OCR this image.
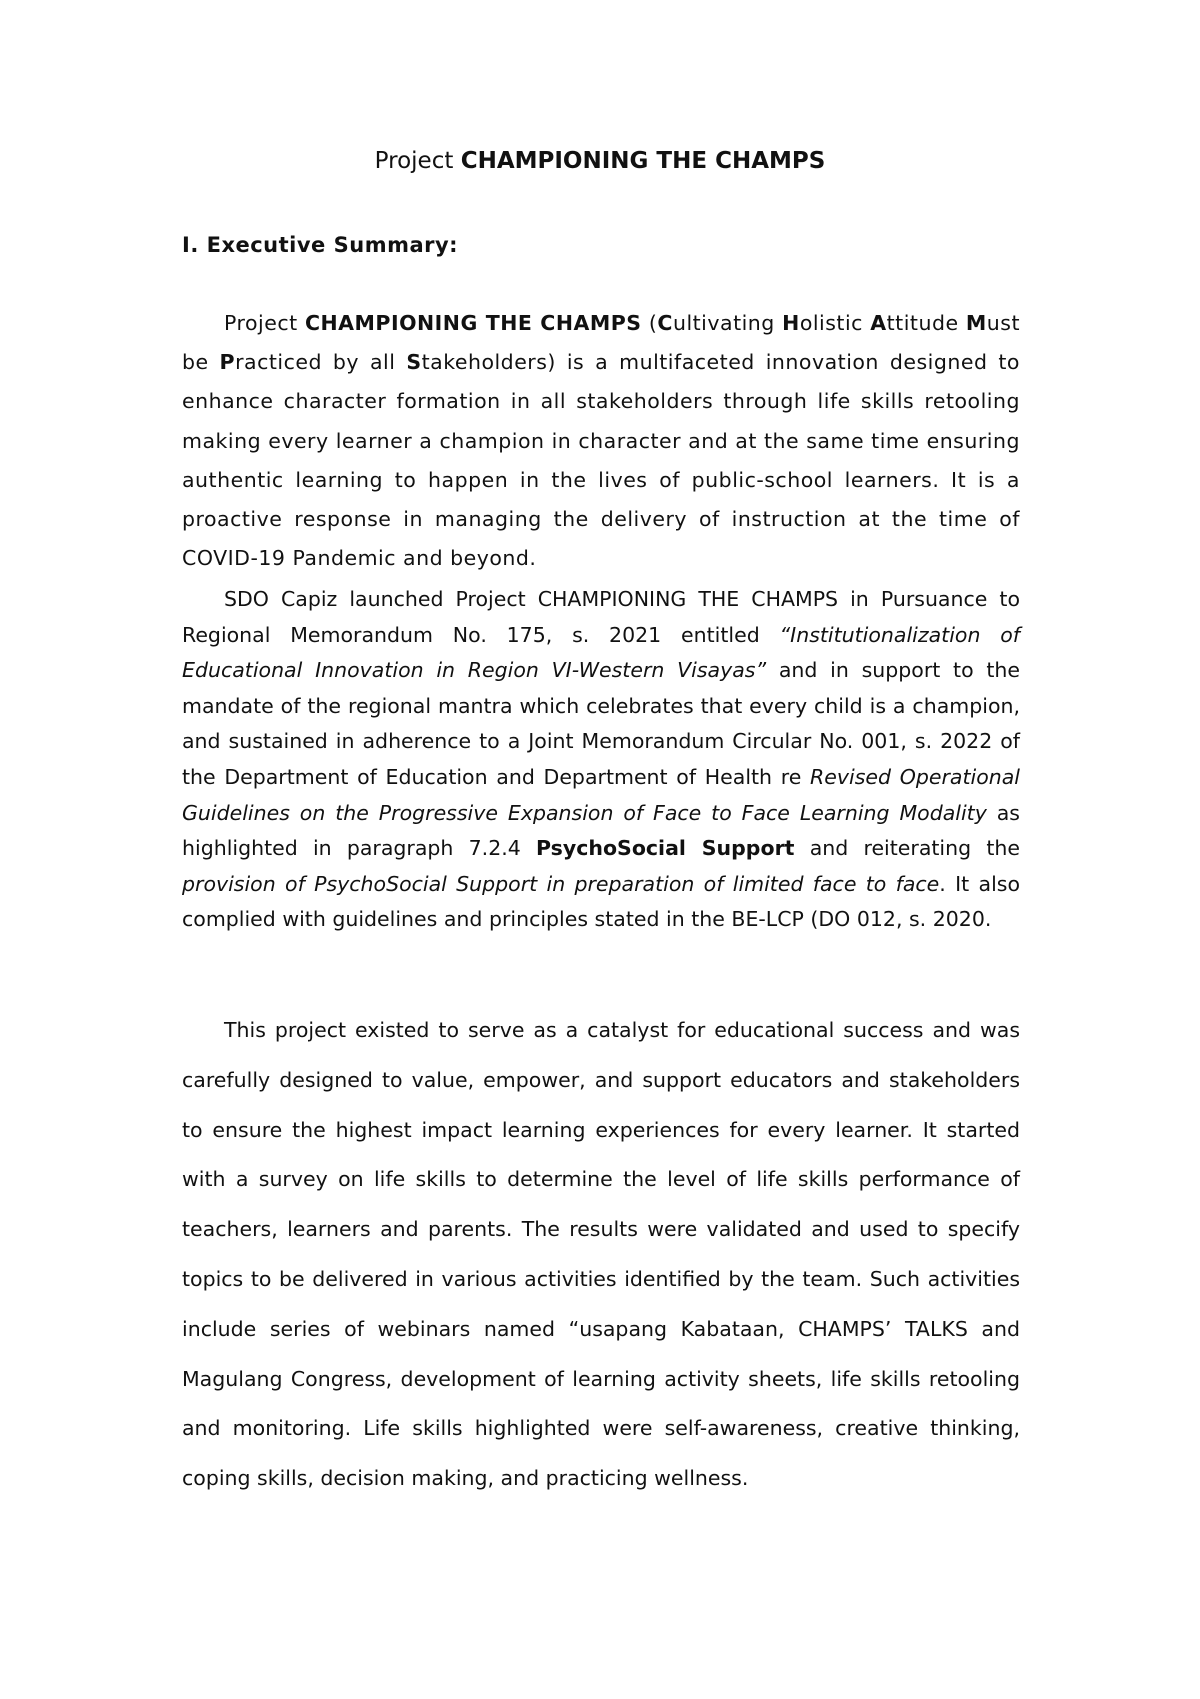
Project CHAMPIONING THE CHAMPS
I. Executive Summary:

Project CHAMPIONING THE CHAMPS (Cultivating Holistic Attitude Must be Practiced by all Stakeholders) is a multifaceted innovation designed to enhance character formation in all stakeholders through life skills retooling making every learner a champion in character and at the same time ensuring authentic learning to happen in the lives of public-school learners. It is a proactive response in managing the delivery of instruction at the time of COVID-19 Pandemic and beyond.

SDO Capiz launched Project CHAMPIONING THE CHAMPS in Pursuance to Regional Memorandum No. 175, s. 2021 entitled “Institutionalization of Educational Innovation in Region VI-Western Visayas” and in support to the mandate of the regional mantra which celebrates that every child is a champion, and sustained in adherence to a Joint Memorandum Circular No. 001, s. 2022 of the Department of Education and Department of Health re Revised Operational Guidelines on the Progressive Expansion of Face to Face Learning Modality as highlighted in paragraph 7.2.4 PsychoSocial Support and reiterating the provision of PsychoSocial Support in preparation of limited face to face. It also complied with guidelines and principles stated in the BE-LCP (DO 012, s. 2020.

This project existed to serve as a catalyst for educational success and was carefully designed to value, empower, and support educators and stakeholders to ensure the highest impact learning experiences for every learner. It started with a survey on life skills to determine the level of life skills performance of teachers, learners and parents. The results were validated and used to specify topics to be delivered in various activities identified by the team. Such activities include series of webinars named “usapang Kabataan, CHAMPS’ TALKS and Magulang Congress, development of learning activity sheets, life skills retooling and monitoring. Life skills highlighted were self-awareness, creative thinking, coping skills, decision making, and practicing wellness.
